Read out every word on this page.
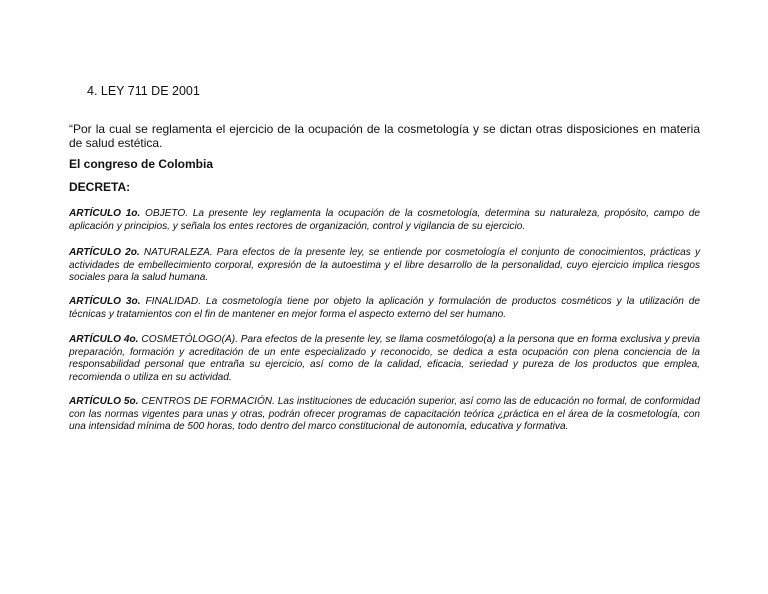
4. LEY 711 DE 2001
“Por la cual se reglamenta el ejercicio de la ocupación de la cosmetología y se dictan otras disposiciones en materia de salud estética.
El congreso de Colombia
DECRETA:

ARTÍCULO 1o. OBJETO. La presente ley reglamenta la ocupación de la cosmetología, determina su naturaleza, propósito, campo de aplicación y principios, y señala los entes rectores de organización, control y vigilancia de su ejercicio.

ARTÍCULO 2o. NATURALEZA. Para efectos de la presente ley, se entiende por cosmetología el conjunto de conocimientos, prácticas y actividades de embellecimiento corporal, expresión de la autoestima y el libre desarrollo de la personalidad, cuyo ejercicio implica riesgos sociales para la salud humana.

ARTÍCULO 3o. FINALIDAD. La cosmetología tiene por objeto la aplicación y formulación de productos cosméticos y la utilización de técnicas y tratamientos con el fin de mantener en mejor forma el aspecto externo del ser humano.

ARTÍCULO 4o. COSMETÓLOGO(A). Para efectos de la presente ley, se llama cosmetólogo(a) a la persona que en forma exclusiva y previa preparación, formación y acreditación de un ente especializado y reconocido, se dedica a esta ocupación con plena conciencia de la responsabilidad personal que entraña su ejercicio, así como de la calidad, eficacia, seriedad y pureza de los productos que emplea, recomienda o utiliza en su actividad.

ARTÍCULO 5o. CENTROS DE FORMACIÓN. Las instituciones de educación superior, así como las de educación no formal, de conformidad con las normas vigentes para unas y otras, podrán ofrecer programas de capacitación teórica ¿práctica en el área de la cosmetología, con una intensidad mínima de 500 horas, todo dentro del marco constitucional de autonomía, educativa y formativa.
